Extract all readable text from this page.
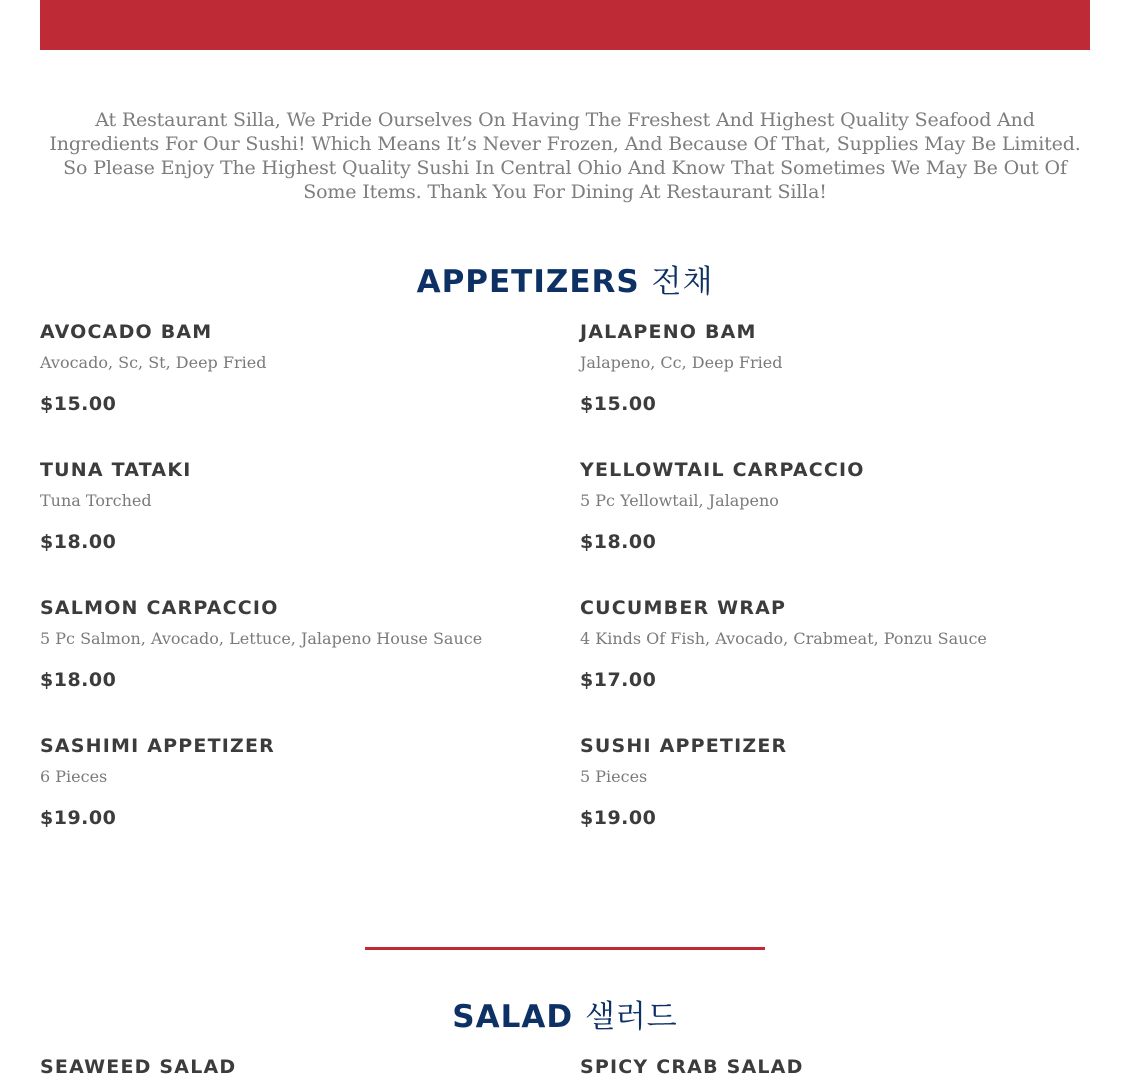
At Restaurant Silla, We Pride Ourselves On Having The Freshest And Highest Quality Seafood And Ingredients For Our Sushi! Which Means It’s Never Frozen, And Because Of That, Supplies May Be Limited. So Please Enjoy The Highest Quality Sushi In Central Ohio And Know That Sometimes We May Be Out Of Some Items. Thank You For Dining At Restaurant Silla!

APPETIZERS 전채
AVOCADO BAM
Avocado, Sc, St, Deep Fried
$15.00
JALAPENO BAM
Jalapeno, Cc, Deep Fried
$15.00
TUNA TATAKI
Tuna Torched
$18.00
YELLOWTAIL CARPACCIO
5 Pc Yellowtail, Jalapeno
$18.00
SALMON CARPACCIO
5 Pc Salmon, Avocado, Lettuce, Jalapeno House Sauce
$18.00
CUCUMBER WRAP
4 Kinds Of Fish, Avocado, Crabmeat, Ponzu Sauce
$17.00
SASHIMI APPETIZER
6 Pieces
$19.00
SUSHI APPETIZER
5 Pieces
$19.00
SALAD 샐러드
SEAWEED SALAD	SPICY CRAB SALAD
